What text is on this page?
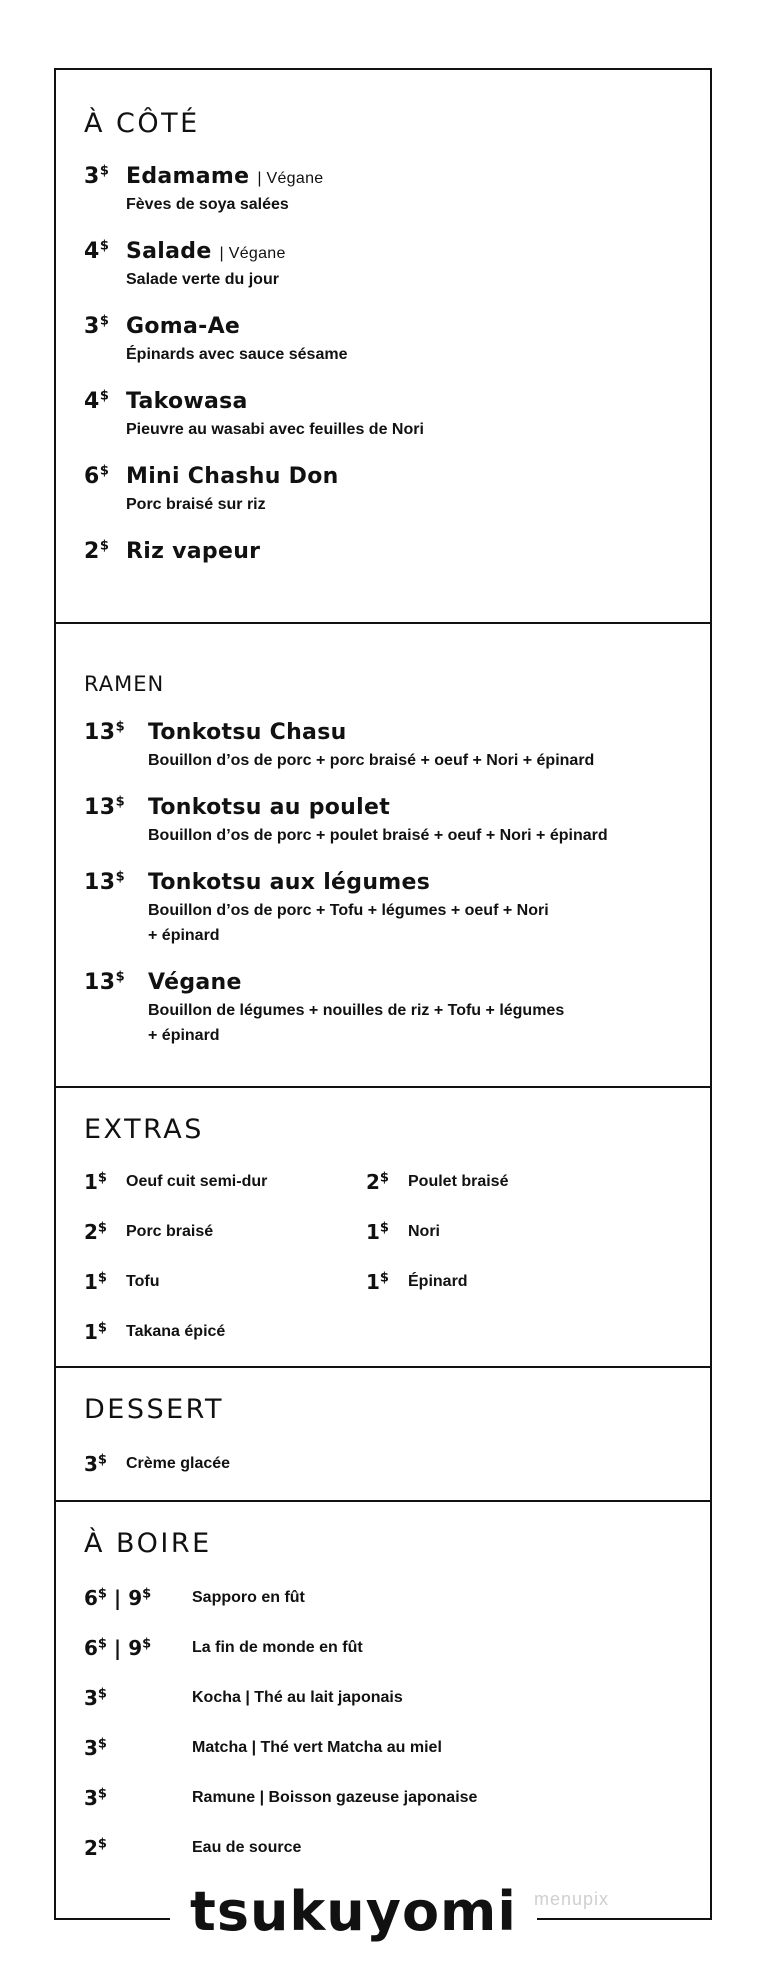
À CÔTÉ
3$ Edamame | Végane
Fèves de soya salées
4$ Salade | Végane
Salade verte du jour
3$ Goma-Ae
Épinards avec sauce sésame
4$ Takowasa
Pieuvre au wasabi avec feuilles de Nori
6$ Mini Chashu Don
Porc braisé sur riz
2$ Riz vapeur
RAMEN
13$ Tonkotsu Chasu
Bouillon d’os de porc + porc braisé + oeuf + Nori + épinard
13$ Tonkotsu au poulet
Bouillon d’os de porc + poulet braisé + oeuf + Nori + épinard
13$ Tonkotsu aux légumes
Bouillon d’os de porc + Tofu + légumes + oeuf + Nori
+ épinard
13$ Végane
Bouillon de légumes + nouilles de riz + Tofu + légumes
+ épinard
EXTRAS
1$ Oeuf cuit semi-dur	2$ Poulet braisé
2$ Porc braisé	1$ Nori
1$ Tofu	1$ Épinard
1$ Takana épicé
DESSERT
3$ Crème glacée
À BOIRE
6$ | 9$	Sapporo en fût
6$ | 9$	La fin de monde en fût
3$	Kocha | Thé au lait japonais
3$	Matcha | Thé vert Matcha au miel
3$	Ramune | Boisson gazeuse japonaise
2$	Eau de source
tsukuyomi menupix
